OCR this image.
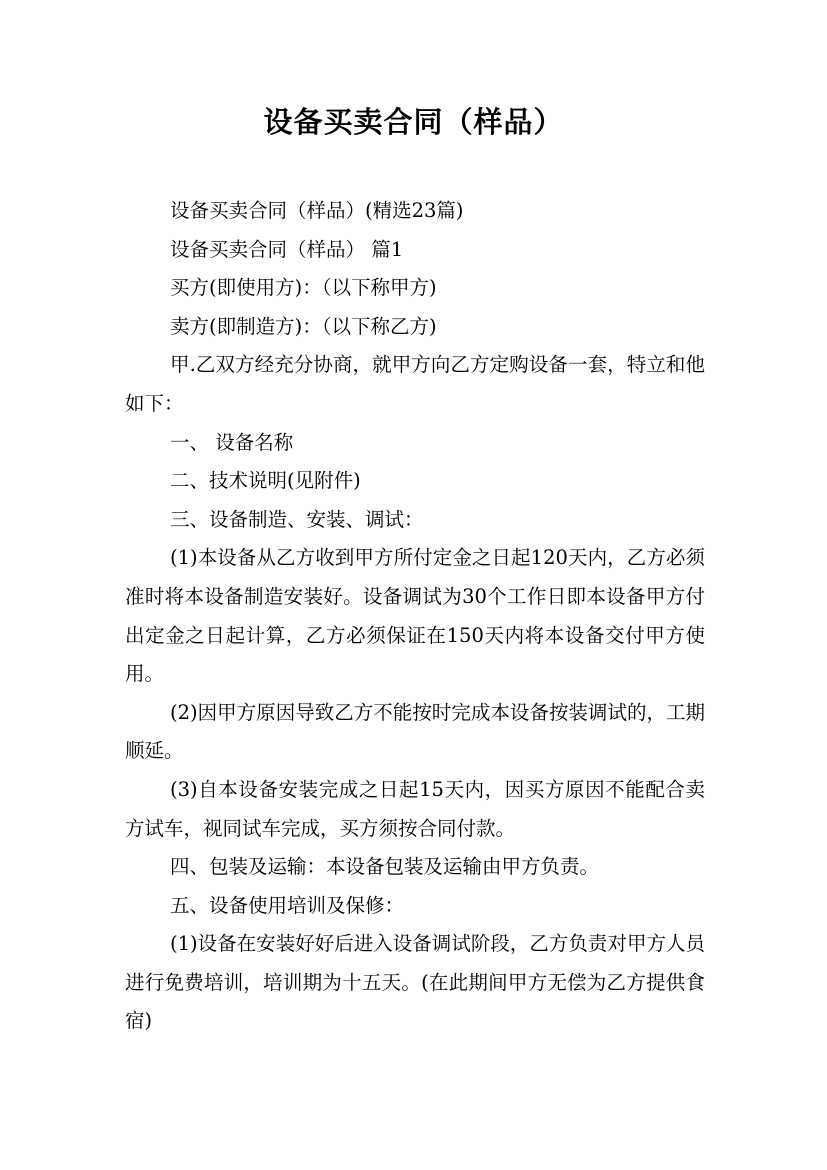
设备买卖合同（样品）

设备买卖合同（样品）(精选23篇)

设备买卖合同（样品） 篇1

买方(即使用方)：（以下称甲方)

卖方(即制造方)：（以下称乙方)

甲.乙双方经充分协商，就甲方向乙方定购设备一套，特立和他 如下：

一、 设备名称

二、技术说明(见附件)

三、设备制造、安装、调试：

(1)本设备从乙方收到甲方所付定金之日起120天内，乙方必须准时将本设备制造安装好。设备调试为30个工作日即本设备甲方付出定金之日起计算，乙方必须保证在150天内将本设备交付甲方使用。

(2)因甲方原因导致乙方不能按时完成本设备按装调试的，工期顺延。

(3)自本设备安装完成之日起15天内，因买方原因不能配合卖方试车，视同试车完成，买方须按合同付款。

四、包装及运输：本设备包装及运输由甲方负责。

五、设备使用培训及保修：

(1)设备在安装好好后进入设备调试阶段，乙方负责对甲方人员进行免费培训，培训期为十五天。(在此期间甲方无偿为乙方提供食宿)
